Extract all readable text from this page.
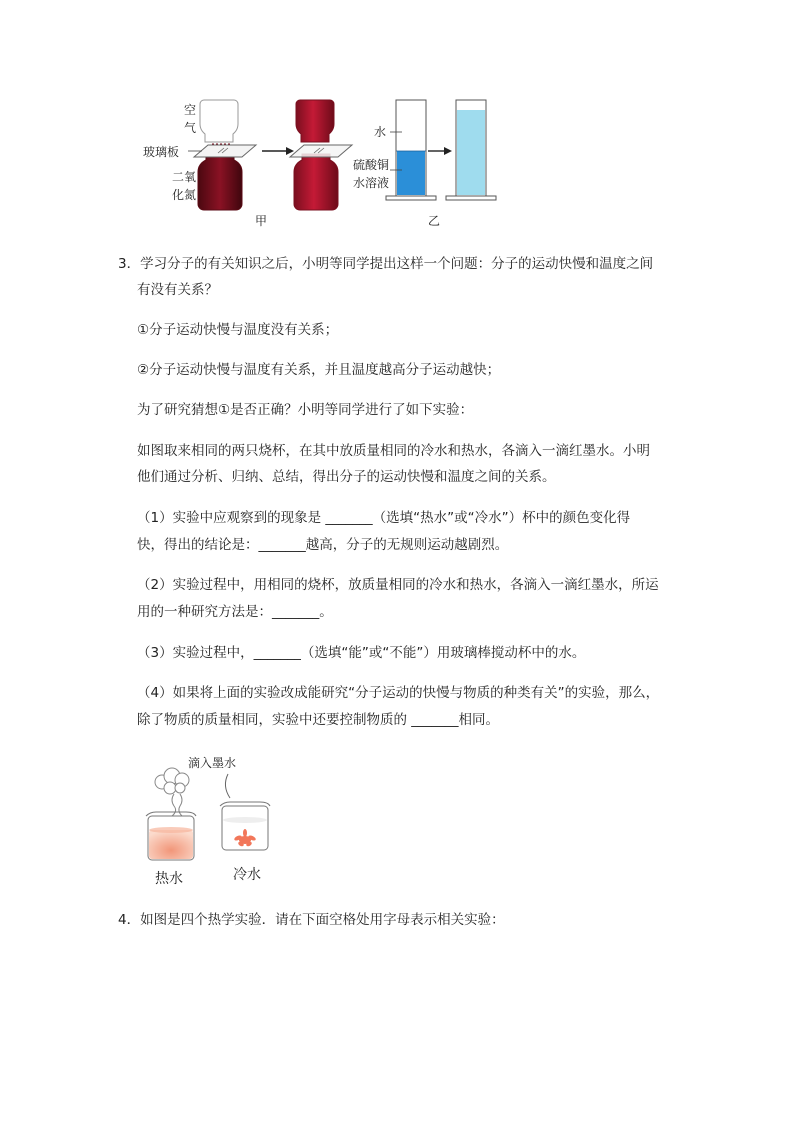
空
气
玻璃板
二氧
化氮
甲
水
硫酸铜
水溶液
乙
3．学习分子的有关知识之后，小明等同学提出这样一个问题：分子的运动快慢和温度之间
有没有关系？
①分子运动快慢与温度没有关系；
②分子运动快慢与温度有关系，并且温度越高分子运动越快；
为了研究猜想①是否正确？小明等同学进行了如下实验：
如图取来相同的两只烧杯，在其中放质量相同的冷水和热水，各滴入一滴红墨水。小明
他们通过分析、归纳、总结，得出分子的运动快慢和温度之间的关系。
（1）实验中应观察到的现象是 _______（选填“热水”或“冷水”）杯中的颜色变化得
快，得出的结论是：_______越高，分子的无规则运动越剧烈。
（2）实验过程中，用相同的烧杯，放质量相同的冷水和热水，各滴入一滴红墨水，所运
用的一种研究方法是：_______。
（3）实验过程中，_______（选填“能”或“不能”）用玻璃棒搅动杯中的水。
（4）如果将上面的实验改成能研究“分子运动的快慢与物质的种类有关”的实验，那么，
除了物质的质量相同，实验中还要控制物质的 _______相同。
滴入墨水
热水	冷水
4．如图是四个热学实验．请在下面空格处用字母表示相关实验：
